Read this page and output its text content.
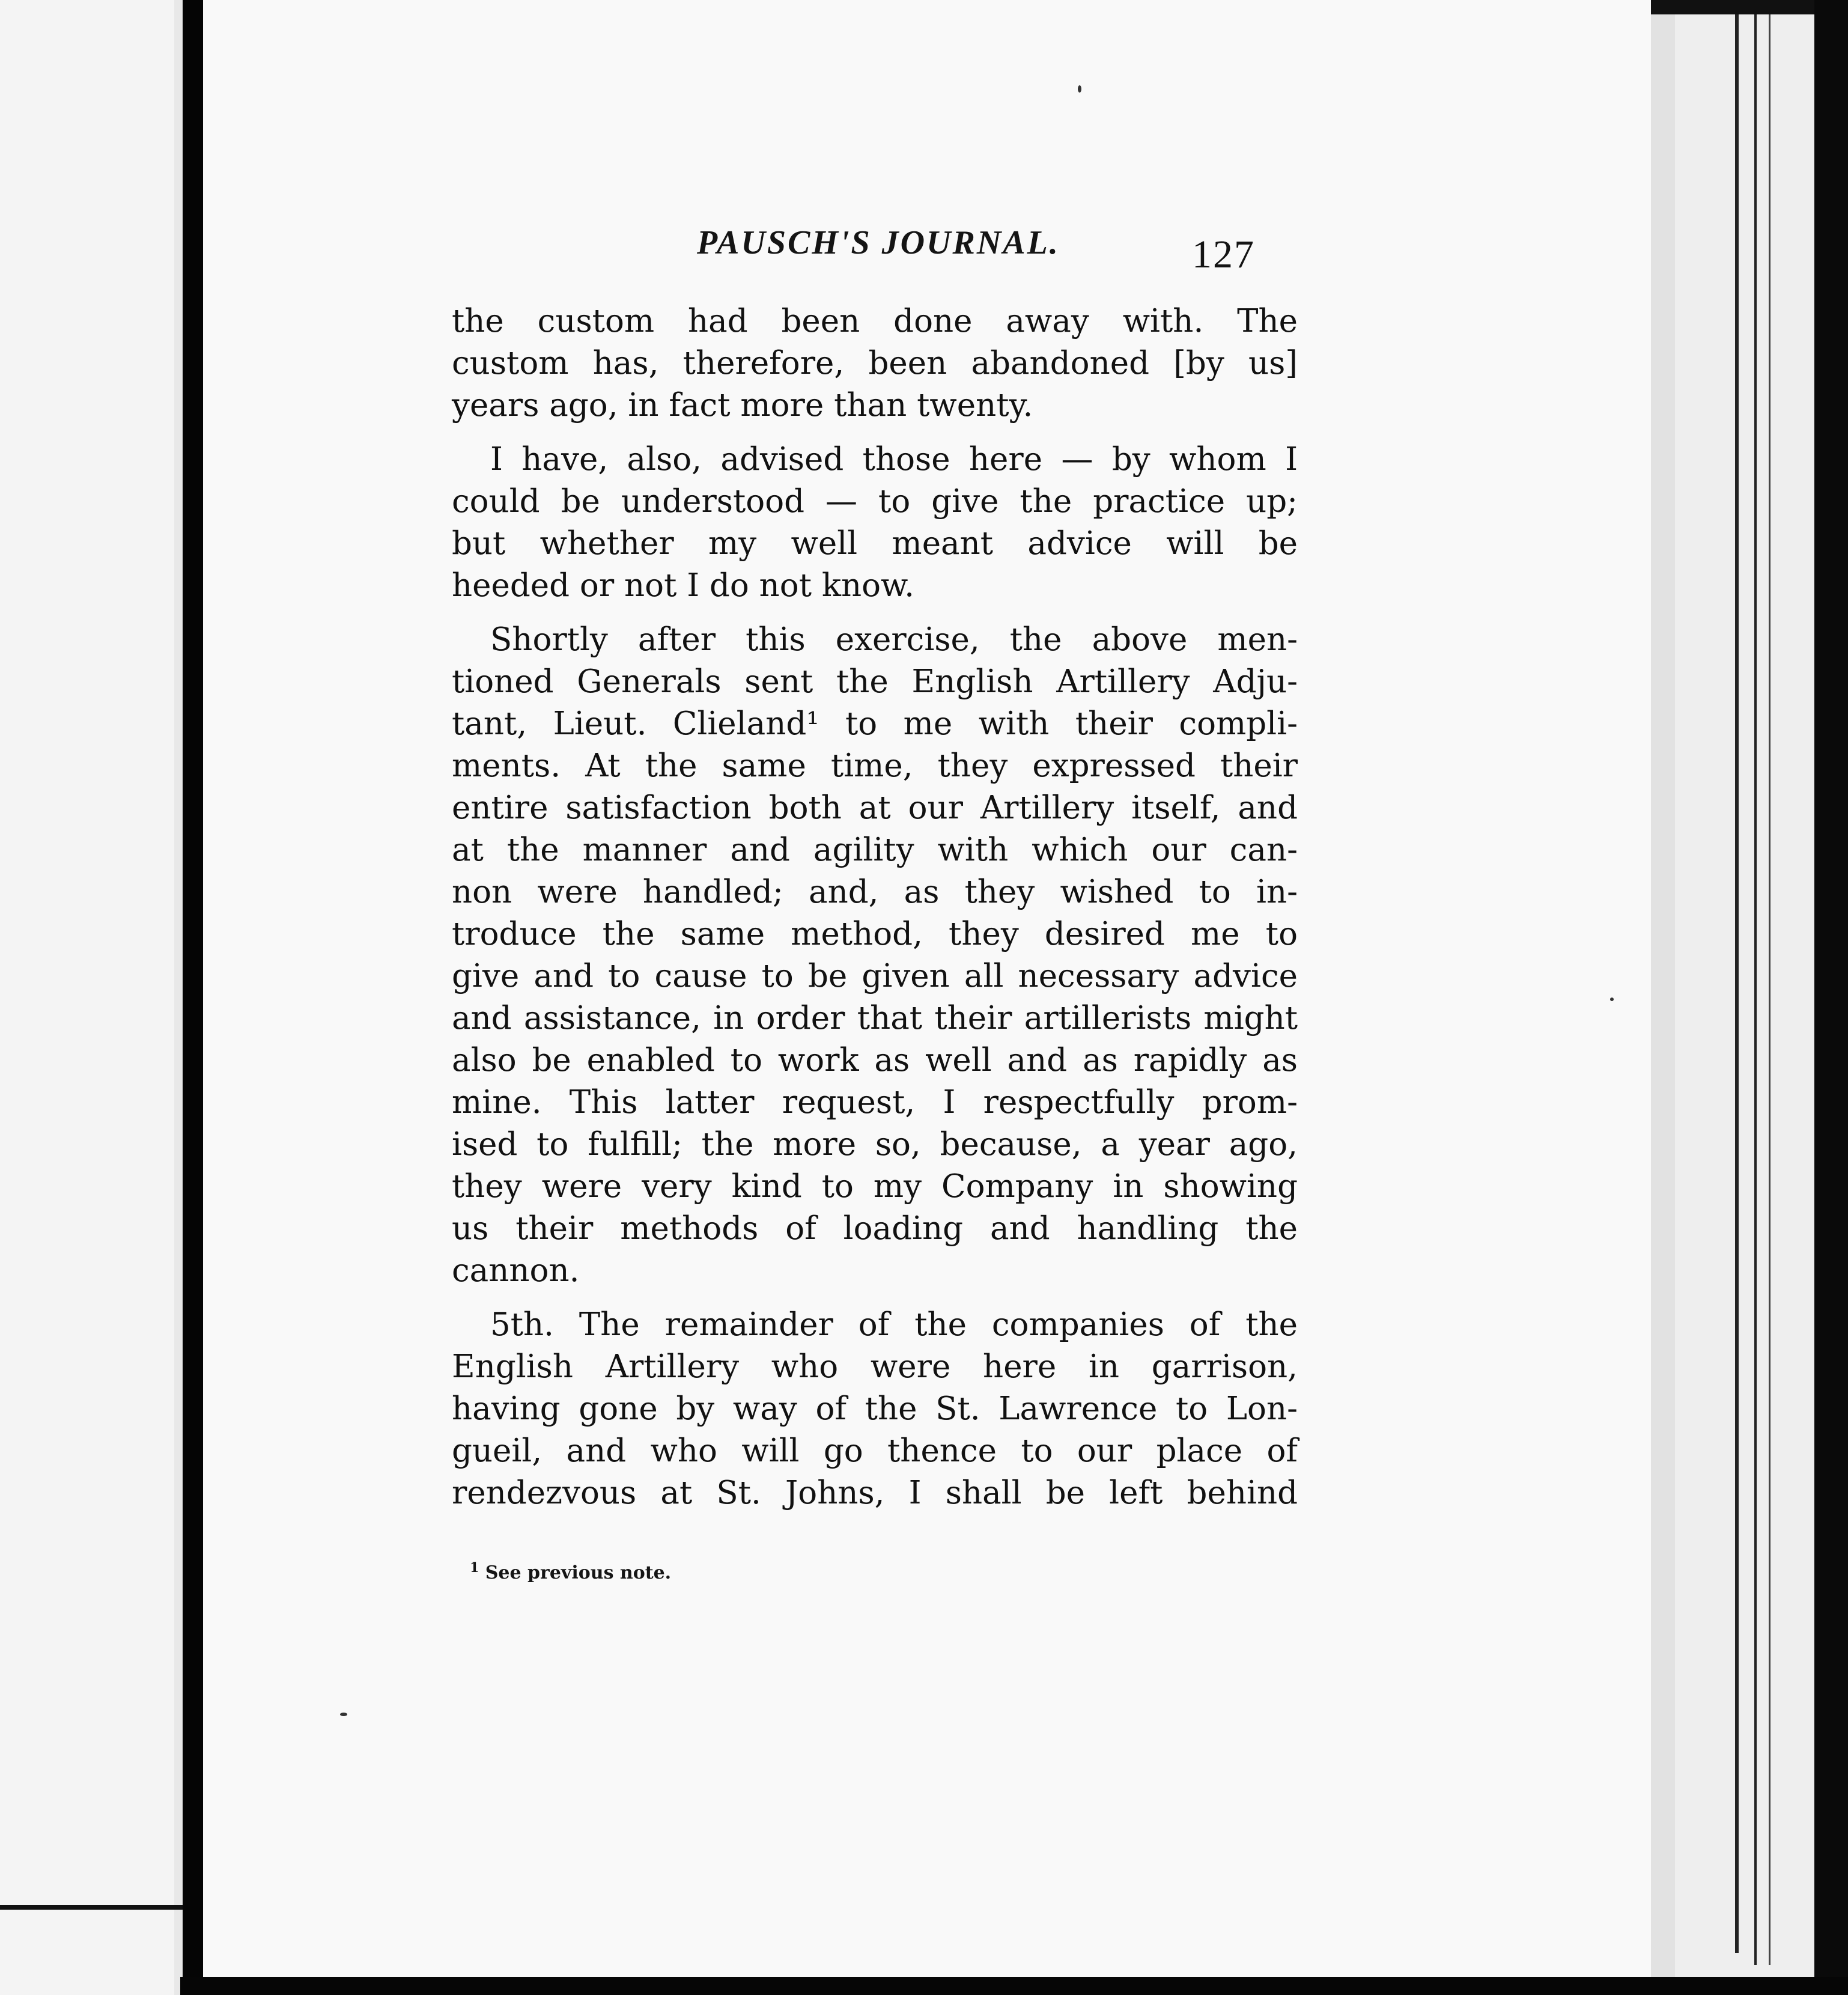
PAUSCH'S JOURNAL.	127
the custom had been done away with. The
custom has, therefore, been abandoned [by us]
years ago, in fact more than twenty.
I have, also, advised those here — by whom I
could be understood — to give the practice up;
but whether my well meant advice will be
heeded or not I do not know.
Shortly after this exercise, the above men-
tioned Generals sent the English Artillery Adju-
tant, Lieut. Clieland¹ to me with their compli-
ments. At the same time, they expressed their
entire satisfaction both at our Artillery itself, and
at the manner and agility with which our can-
non were handled; and, as they wished to in-
troduce the same method, they desired me to
give and to cause to be given all necessary advice
and assistance, in order that their artillerists might
also be enabled to work as well and as rapidly as
mine. This latter request, I respectfully prom-
ised to fulfill; the more so, because, a year ago,
they were very kind to my Company in showing
us their methods of loading and handling the
cannon.
5th. The remainder of the companies of the
English Artillery who were here in garrison,
having gone by way of the St. Lawrence to Lon-
gueil, and who will go thence to our place of
rendezvous at St. Johns, I shall be left behind
$^1$ See previous note.
